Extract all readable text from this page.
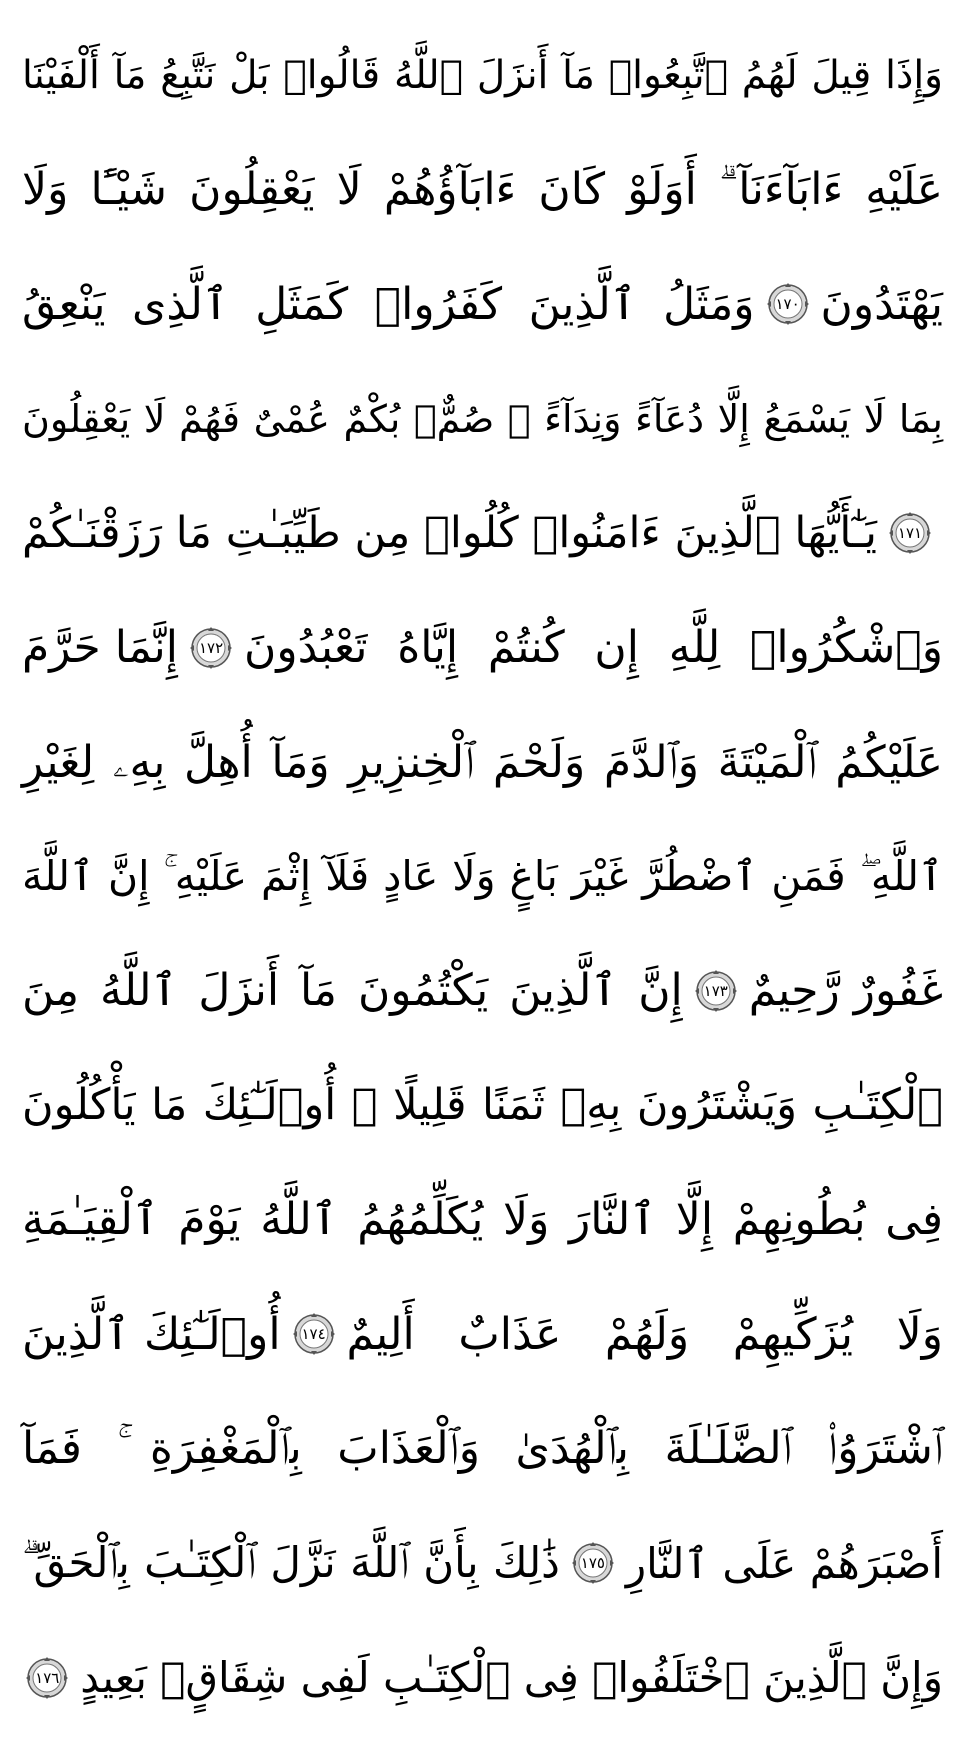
وَإِذَا قِيلَ لَهُمُ ٱتَّبِعُوا۟ مَآ أَنزَلَ ٱللَّهُ قَالُوا۟ بَلْ نَتَّبِعُ مَآ أَلْفَيْنَا
عَلَيْهِ ءَابَآءَنَآ ۗ أَوَلَوْ كَانَ ءَابَآؤُهُمْ لَا يَعْقِلُونَ شَيْـًٔا وَلَا
يَهْتَدُونَ
١٧٠
وَمَثَلُ ٱلَّذِينَ كَفَرُوا۟ كَمَثَلِ ٱلَّذِى يَنْعِقُ
بِمَا لَا يَسْمَعُ إِلَّا دُعَآءً وَنِدَآءً ۚ صُمٌّۢ بُكْمٌ عُمْىٌ فَهُمْ لَا يَعْقِلُونَ
١٧١
يَـٰٓأَيُّهَا ٱلَّذِينَ ءَامَنُوا۟ كُلُوا۟ مِن طَيِّبَـٰتِ مَا رَزَقْنَـٰكُمْ
وَٱشْكُرُوا۟ لِلَّهِ إِن كُنتُمْ إِيَّاهُ تَعْبُدُونَ
١٧٢
إِنَّمَا حَرَّمَ
عَلَيْكُمُ ٱلْمَيْتَةَ وَٱلدَّمَ وَلَحْمَ ٱلْخِنزِيرِ وَمَآ أُهِلَّ بِهِۦ لِغَيْرِ
ٱللَّهِ ۖ فَمَنِ ٱضْطُرَّ غَيْرَ بَاغٍ وَلَا عَادٍ فَلَآ إِثْمَ عَلَيْهِ ۚ إِنَّ ٱللَّهَ
غَفُورٌ رَّحِيمٌ
١٧٣
إِنَّ ٱلَّذِينَ يَكْتُمُونَ مَآ أَنزَلَ ٱللَّهُ مِنَ
ٱلْكِتَـٰبِ وَيَشْتَرُونَ بِهِۦ ثَمَنًا قَلِيلًا ۙ أُو۟لَـٰٓئِكَ مَا يَأْكُلُونَ
فِى بُطُونِهِمْ إِلَّا ٱلنَّارَ وَلَا يُكَلِّمُهُمُ ٱللَّهُ يَوْمَ ٱلْقِيَـٰمَةِ
وَلَا يُزَكِّيهِمْ وَلَهُمْ عَذَابٌ أَلِيمٌ
١٧٤
أُو۟لَـٰٓئِكَ ٱلَّذِينَ
ٱشْتَرَوُا۟ ٱلضَّلَـٰلَةَ بِٱلْهُدَىٰ وَٱلْعَذَابَ بِٱلْمَغْفِرَةِ ۚ فَمَآ
أَصْبَرَهُمْ عَلَى ٱلنَّارِ
١٧٥
ذَٰلِكَ بِأَنَّ ٱللَّهَ نَزَّلَ ٱلْكِتَـٰبَ بِٱلْحَقِّ ۗ
وَإِنَّ ٱلَّذِينَ ٱخْتَلَفُوا۟ فِى ٱلْكِتَـٰبِ لَفِى شِقَاقٍۭ بَعِيدٍ
١٧٦
